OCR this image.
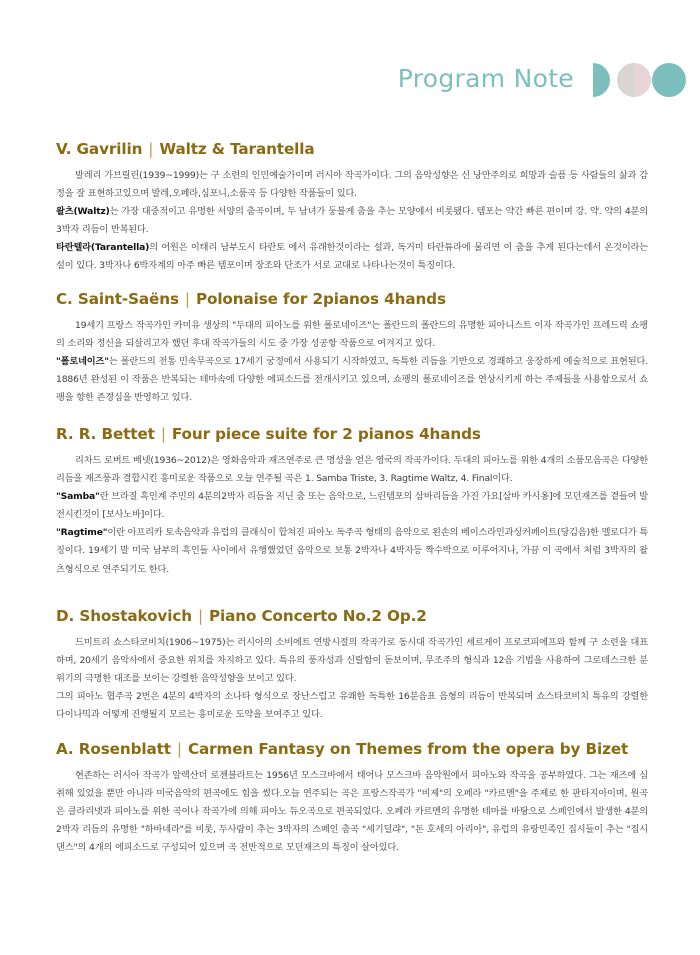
Program Note
V. Gavrilin | Waltz & Tarantella

발레리 가브릴린(1939~1999)는 구 소련의 인민예술가이며 러시아 작곡가이다. 그의 음악성향은 신 낭만주의로 희망과 슬픔 등 사람들의 삶과 감정을 잘 표현하고있으며 발레,오페라,심포니,소품곡 등 다양한 작품들이 있다.

왈츠(Waltz)는 가장 대중적이고 유명한 서양의 춤곡이며, 두 남녀가 둥블게 춤을 추는 모양에서 비롯됐다. 템포는 약간 빠른 편이며 강. 약. 약의 4분의 3박자 리듬이 반복된다.

타란텔라(Tarantella)의 어원은 이태리 남부도시 타란토 에서 유래한것이라는 설과, 독거미 타란튜라에 물리면 이 춤을 추게 된다는데서 온것이라는 설이 있다. 3박자나 6박자계의 아주 빠른 템포이며 장조와 단조가 서로 교대로 나타나는것이 특징이다.

C. Saint-Saëns | Polonaise for 2pianos 4hands

19세기 프랑스 작곡가인 카미유 생상의 "두대의 피아노를 위한 폴로네이즈"는 폴란드의 폴란드의 유명한 피아니스트 이자 작곡가인 프레드릭 쇼팽의 소리와 정신을 되살리고자 했던 후대 작곡가들의 시도 중 가장 성공항 작품으로 여겨지고 있다.

"폴로네이즈"는 폴란드의 전통 민속무곡으로 17세기 궁정에서 사용되기 시작하였고, 독특한 리듬을 기반으로 경쾌하고 웅장하게 예술적으로 표현된다. 1886년 완성된 이 작품은 반복되는 테마속에 다양한 에피소드를 전개시키고 있으며, 쇼팽의 폴로네이즈를 연상시키게 하는 주제들을 사용함으로서 쇼팽을 향한 존경심을 반영하고 있다.

R. R. Bettet | Four piece suite for 2 pianos 4hands

리차드 로버트 베넷(1936~2012)은 영화음악과 재즈연주로 큰 명성을 얻은 영국의 작곡가이다. 두대의 피아노를 위한 4개의 소품모음곡은 다양한 리듬을 재즈풍과 결합시킨 흥미로운 작품으로 오늘 연주될 곡은 1. Samba Triste, 3. Ragtime Waltz, 4. Final이다.

"Samba"란 브라질 흑인계 주민의 4분의2박자 리듬을 지닌 춤 또는 음악으로, 느린템포의 삼바리듬을 가진 가요[삼바 카시옹]에 모던재즈를 곁들여 발전시킨것이 [보사노바]이다.

"Ragtime"이란 아프리카 토속음악과 유럽의 클래식이 합쳐진 피아노 독주곡 형태의 음악으로 왼손의 베이스라인과싱커페이트(당김음)한 멜로디가 특징이다. 19세기 말 미국 남부의 흑인들 사이에서 유행했었던 음악으로 보통 2박자나 4박자등 짝수박으로 이루어지나, 가끔 이 곡에서 처럼 3박자의 왈츠형식으로 연주되기도 한다.

D. Shostakovich | Piano Concerto No.2 Op.2

드미트리 쇼스타코비치(1906~1975)는 러시아의 소비에트 연방시절의 작곡가로 동시대 작곡가인 세르게이 프로코피에프와 함께 구 소련을 대표하며, 20세기 음악사에서 중요한 위치를 차지하고 있다. 특유의 풍자성과 신랄함이 돋보이며, 무조주의 형식과 12음 기법을 사용하여 그로테스크한 분위기의 극명한 대조를 보이는 강렬한 음악성향을 보이고 있다.

그의 피아노 협주곡 2번은 4분의 4박자의 소나타 형식으로 장난스럽고 유쾌한 독특한 16분음표 음형의 리듬이 반복되며 쇼스타코비치 특유의 강렬한 다이나믹과 어떻게 진행될지 모르는 흥미로운 도약을 보여주고 있다.

A. Rosenblatt | Carmen Fantasy on Themes from the opera by Bizet

현존하는 러시아 작곡가 알렉산더 로젠블라트는 1956년 모스크바에서 태어나 모스크바 음악원에서 피아노와 작곡을 공부하였다. 그는 재즈에 심취해 있었을 뿐만 아니라 미국음악의 편곡에도 힘을 썼다.오늘 연주되는 곡은 프랑스작곡가 "비제"의 오페라 "카르멘"을 주제로 한 판타지아이며, 원곡은 클라리넷과 피아노를 위한 곡이나 작곡가에 의해 피아노 듀오곡으로 편곡되었다. 오페라 카르멘의 유명한 테마를 바탕으로 스페인에서 발생한 4분의 2박자 리듬의 유명한 "하바네라"를 비롯, 두사람이 추는 3박자의 스페인 춤곡 "세기딜랴", "돈 호세의 아리아", 유럽의 유랑민족인 집시들이 추는 "집시댄스"의 4개의 에피소드로 구성되어 있으며 곡 전반적으로 모던재즈의 특징이 살아있다.
